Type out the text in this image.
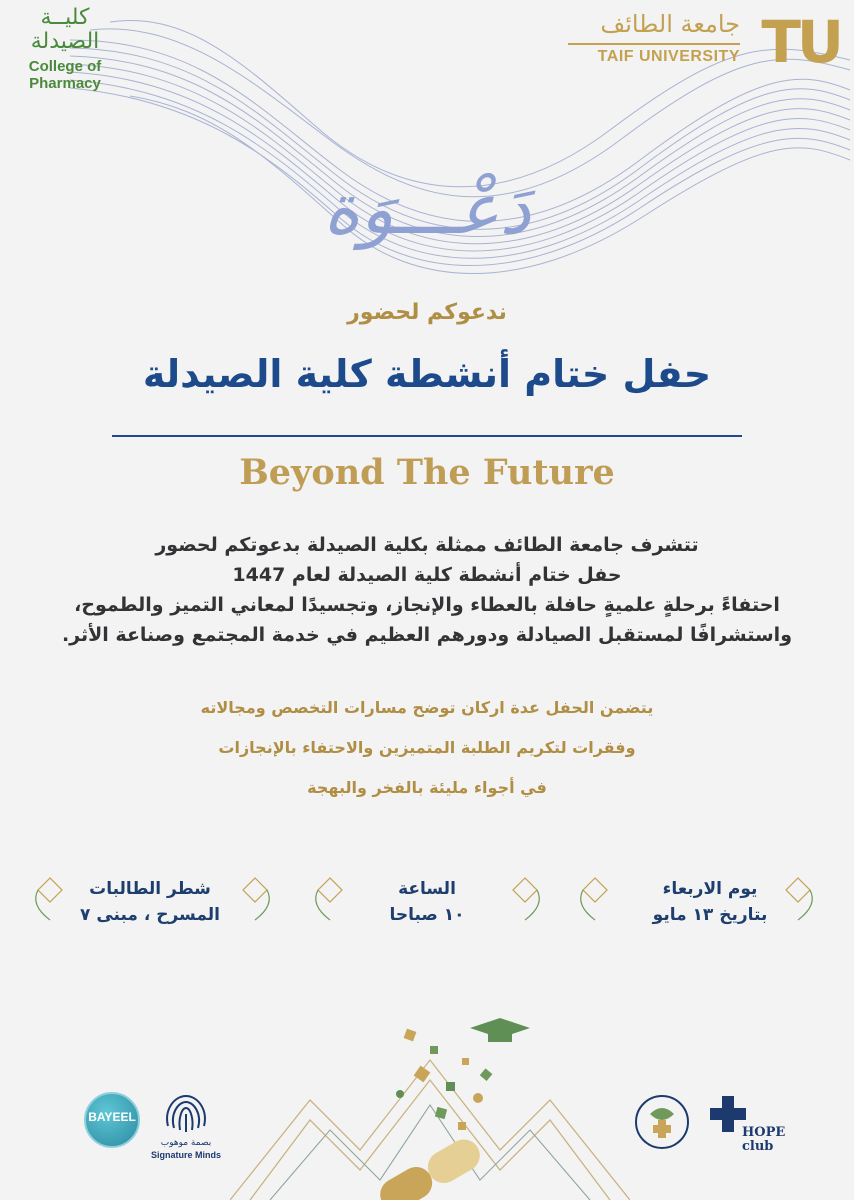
TU
جامعة الطائف
TAIF UNIVERSITY
كليــة
الصيدلة
College of Pharmacy
دَعْـــوَة
ندعوكم لحضور
حفل ختام أنشطة كلية الصيدلة
Beyond The Future
تتشرف جامعة الطائف ممثلة بكلية الصيدلة بدعوتكم لحضور
حفل ختام أنشطة كلية الصيدلة لعام 1447
احتفاءً برحلةٍ علميةٍ حافلة بالعطاء والإنجاز، وتجسيدًا لمعاني التميز والطموح،
واستشرافًا لمستقبل الصيادلة ودورهم العظيم في خدمة المجتمع وصناعة الأثر.
يتضمن الحفل عدة اركان توضح مسارات التخصص ومجالاته
وفقرات لتكريم الطلبة المتميزين والاحتفاء بالإنجازات
في أجواء مليئة بالفخر والبهجة
يوم الاربعاء
بتاريخ ١٣ مايو
الساعة
١٠ صباحا
شطر الطالبات
المسرح ، مبنى ٧
BAYEEL
بصمة موهوب
Signature Minds
HOPE
club
